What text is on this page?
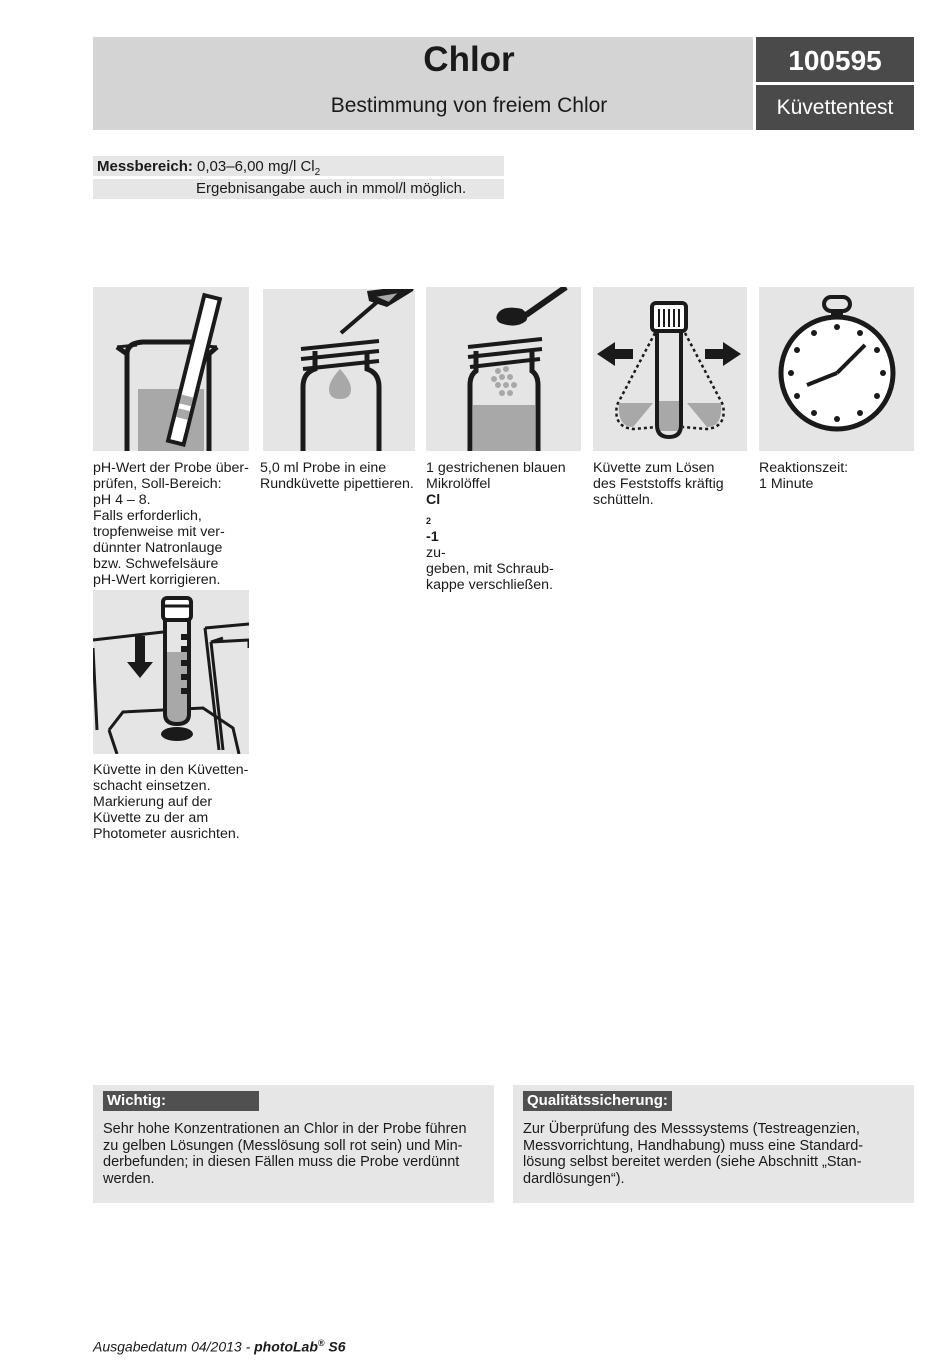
Chlor
Bestimmung von freiem Chlor
100595
Küvettentest
Messbereich: 0,03–6,00 mg/l $Cl_2$
Ergebnisangabe auch in mmol/l möglich.
pH-Wert der Probe über-
prüfen, Soll-Bereich:
pH 4 – 8.
Falls erforderlich,
tropfenweise mit ver-
dünnter Natronlauge
bzw. Schwefelsäure
pH-Wert korrigieren.
5,0 ml Probe in eine
Rundküvette pipettieren.
1 gestrichenen blauen
Mikrolöffel
Cl
$_2$
-1
zu-
geben, mit Schraub-
kappe verschließen.
Küvette zum Lösen
des Feststoffs kräftig
schütteln.
Reaktionszeit:
1 Minute
Küvette in den Küvetten-
schacht einsetzen.
Markierung auf der
Küvette zu der am
Photometer ausrichten.
Wichtig:
Sehr hohe Konzentrationen an Chlor in der Probe führen
zu gelben Lösungen (Messlösung soll rot sein) und Min-
derbefunden; in diesen Fällen muss die Probe verdünnt
werden.
Qualitätssicherung:
Zur Überprüfung des Messsystems (Testreagenzien,
Messvorrichtung, Handhabung) muss eine Standard-
lösung selbst bereitet werden (siehe Abschnitt „Stan-
dardlösungen“).
Ausgabedatum 04/2013 - photoLab® S6
